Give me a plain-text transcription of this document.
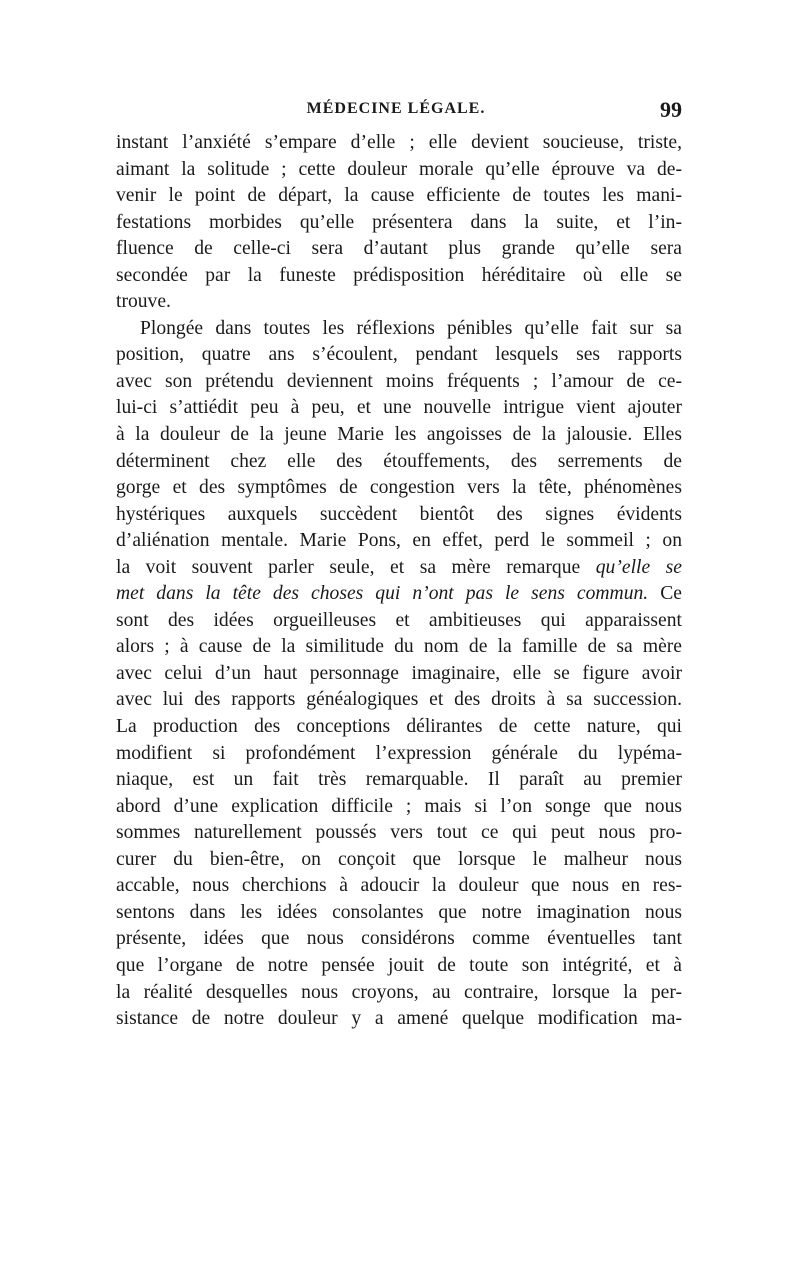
MÉDECINE LÉGALE.	99
instant l’anxiété s’empare d’elle ; elle devient soucieuse, triste,
aimant la solitude ; cette douleur morale qu’elle éprouve va de-
venir le point de départ, la cause efficiente de toutes les mani-
festations morbides qu’elle présentera dans la suite, et l’in-
fluence de celle-ci sera d’autant plus grande qu’elle sera
secondée par la funeste prédisposition héréditaire où elle se
trouve.
Plongée dans toutes les réflexions pénibles qu’elle fait sur sa
position, quatre ans s’écoulent, pendant lesquels ses rapports
avec son prétendu deviennent moins fréquents ; l’amour de ce-
lui-ci s’attiédit peu à peu, et une nouvelle intrigue vient ajouter
à la douleur de la jeune Marie les angoisses de la jalousie. Elles
déterminent chez elle des étouffements, des serrements de
gorge et des symptômes de congestion vers la tête, phénomènes
hystériques auxquels succèdent bientôt des signes évidents
d’aliénation mentale. Marie Pons, en effet, perd le sommeil ; on
la voit souvent parler seule, et sa mère remarque qu’elle se
met dans la tête des choses qui n’ont pas le sens commun. Ce
sont des idées orgueilleuses et ambitieuses qui apparaissent
alors ; à cause de la similitude du nom de la famille de sa mère
avec celui d’un haut personnage imaginaire, elle se figure avoir
avec lui des rapports généalogiques et des droits à sa succession.
La production des conceptions délirantes de cette nature, qui
modifient si profondément l’expression générale du lypéma-
niaque, est un fait très remarquable. Il paraît au premier
abord d’une explication difficile ; mais si l’on songe que nous
sommes naturellement poussés vers tout ce qui peut nous pro-
curer du bien-être, on conçoit que lorsque le malheur nous
accable, nous cherchions à adoucir la douleur que nous en res-
sentons dans les idées consolantes que notre imagination nous
présente, idées que nous considérons comme éventuelles tant
que l’organe de notre pensée jouit de toute son intégrité, et à
la réalité desquelles nous croyons, au contraire, lorsque la per-
sistance de notre douleur y a amené quelque modification ma-
